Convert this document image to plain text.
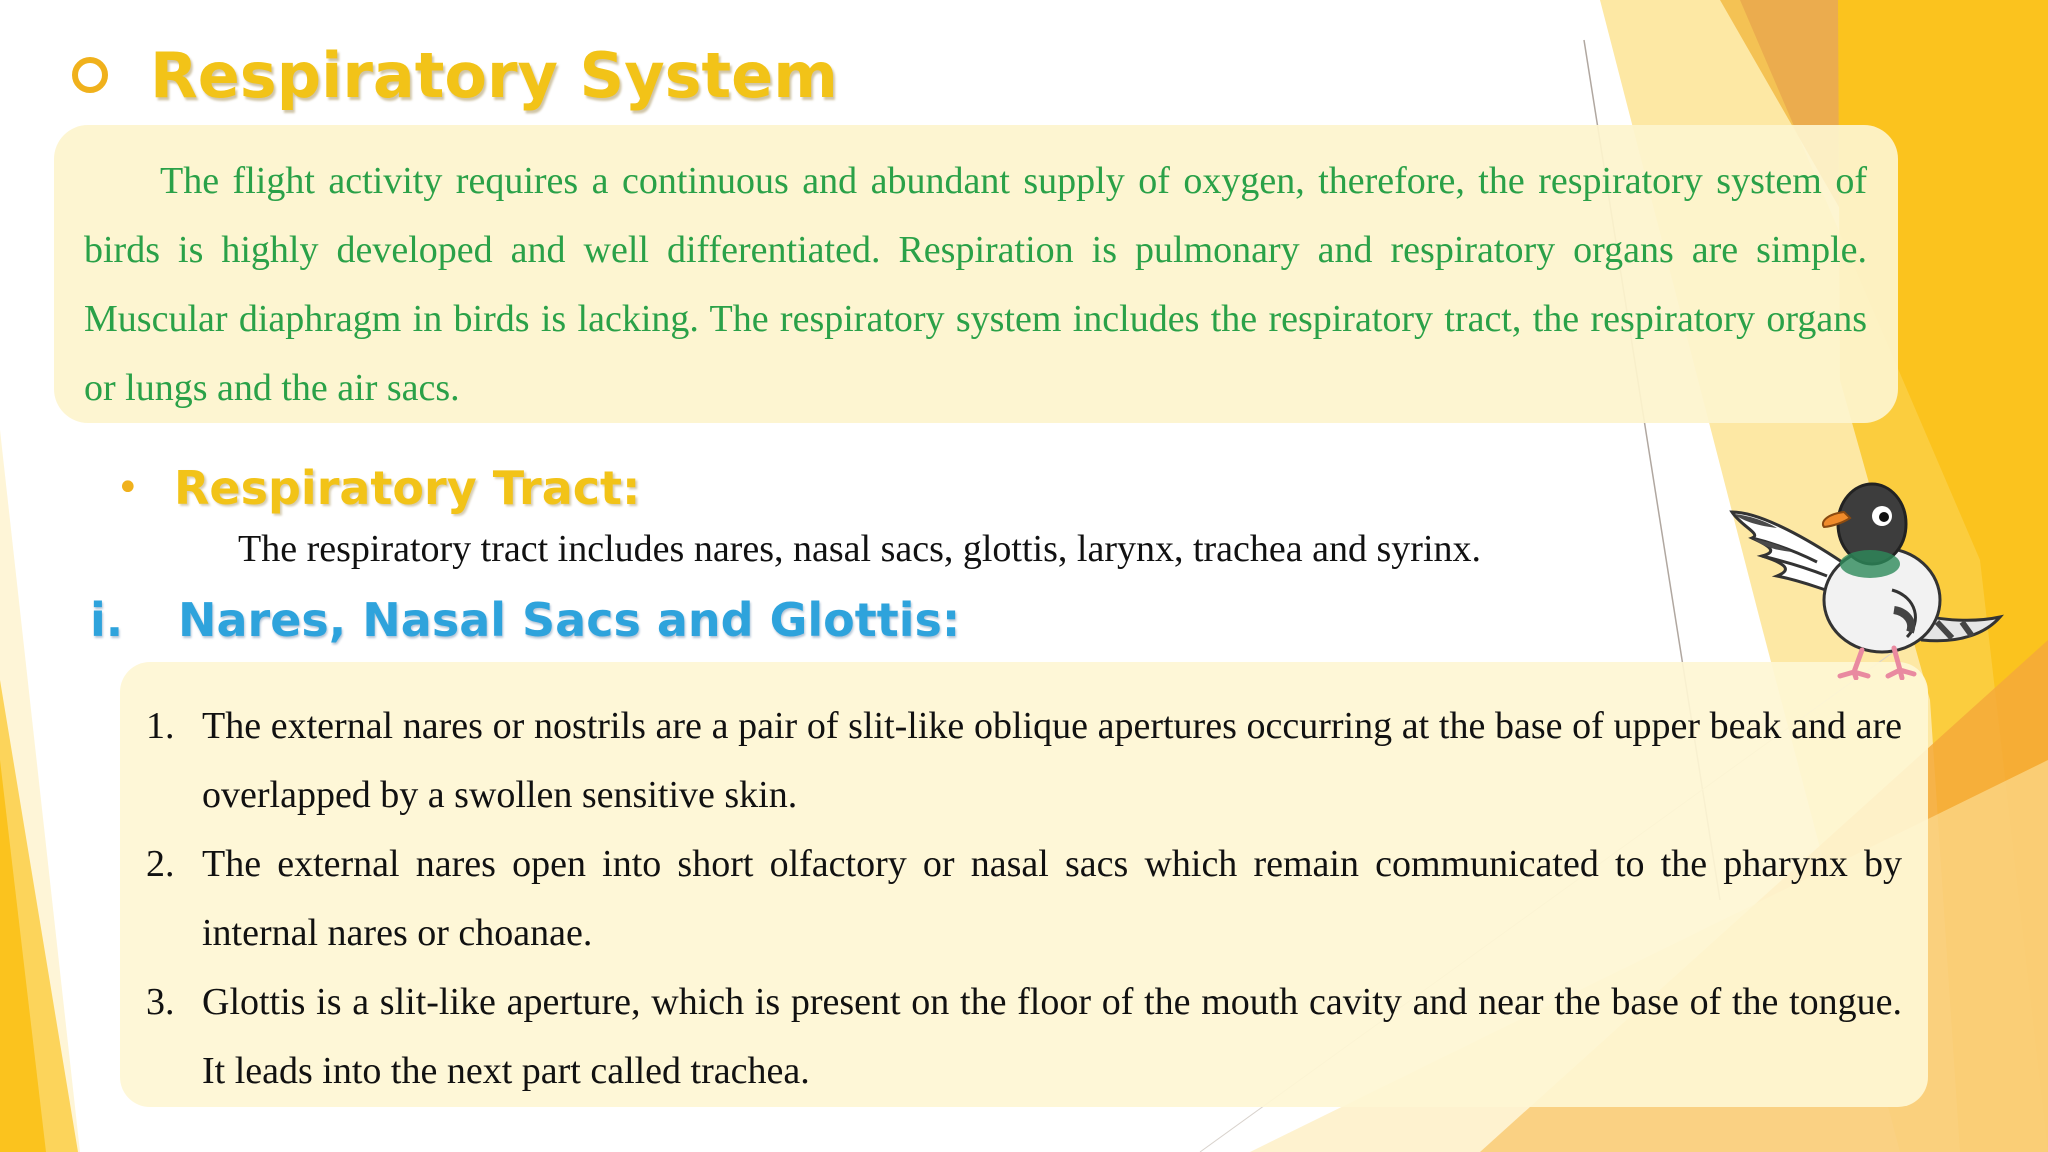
Respiratory System

The flight activity requires a continuous and abundant supply of oxygen, therefore, the respiratory system of birds is highly developed and well differentiated. Respiration is pulmonary and respiratory organs are simple. Muscular diaphragm in birds is lacking. The respiratory system includes the respiratory tract, the respiratory organs or lungs and the air sacs.

• Respiratory Tract:

The respiratory tract includes nares, nasal sacs, glottis, larynx, trachea and syrinx.

i.	Nares, Nasal Sacs and Glottis:
1. The external nares or nostrils are a pair of slit-like oblique apertures occurring at the base of upper beak and are overlapped by a swollen sensitive skin.
2. The external nares open into short olfactory or nasal sacs which remain communicated to the pharynx by internal nares or choanae.
3. Glottis is a slit-like aperture, which is present on the floor of the mouth cavity and near the base of the tongue. It leads into the next part called trachea.
